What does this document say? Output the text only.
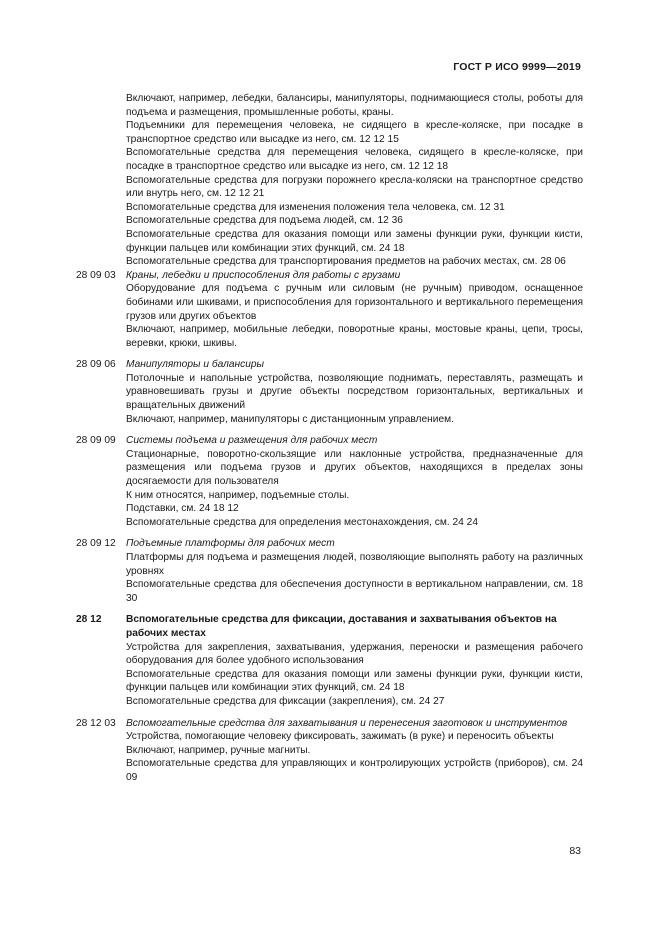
ГОСТ Р ИСО 9999—2019
Включают, например, лебедки, балансиры, манипуляторы, поднимающиеся столы, роботы для подъема и размещения, промышленные роботы, краны.
Подъемники для перемещения человека, не сидящего в кресле-коляске, при посадке в транспортное средство или высадке из него, см. 12 12 15
Вспомогательные средства для перемещения человека, сидящего в кресле-коляске, при посадке в транспортное средство или высадке из него, см. 12 12 18
Вспомогательные средства для погрузки порожнего кресла-коляски на транспортное средство или внутрь него, см. 12 12 21
Вспомогательные средства для изменения положения тела человека, см. 12 31
Вспомогательные средства для подъема людей, см. 12 36
Вспомогательные средства для оказания помощи или замены функции руки, функции кисти, функции пальцев или комбинации этих функций, см. 24 18
Вспомогательные средства для транспортирования предметов на рабочих местах, см. 28 06
28 09 03	Краны, лебедки и приспособления для работы с грузами
Оборудование для подъема с ручным или силовым (не ручным) приводом, оснащенное бобинами или шкивами, и приспособления для горизонтального и вертикального перемещения грузов или других объектов
Включают, например, мобильные лебедки, поворотные краны, мостовые краны, цепи, тросы, веревки, крюки, шкивы.
28 09 06	Манипуляторы и балансиры
Потолочные и напольные устройства, позволяющие поднимать, переставлять, размещать и уравновешивать грузы и другие объекты посредством горизонтальных, вертикальных и вращательных движений
Включают, например, манипуляторы с дистанционным управлением.
28 09 09	Системы подъема и размещения для рабочих мест
Стационарные, поворотно-скользящие или наклонные устройства, предназначенные для размещения или подъема грузов и других объектов, находящихся в пределах зоны досягаемости для пользователя
К ним относятся, например, подъемные столы.
Подставки, см. 24 18 12
Вспомогательные средства для определения местонахождения, см. 24 24
28 09 12	Подъемные платформы для рабочих мест
Платформы для подъема и размещения людей, позволяющие выполнять работу на различных уровнях
Вспомогательные средства для обеспечения доступности в вертикальном направлении, см. 18 30
28 12	Вспомогательные средства для фиксации, доставания и захватывания объектов на рабочих местах
Устройства для закрепления, захватывания, удержания, переноски и размещения рабочего оборудования для более удобного использования
Вспомогательные средства для оказания помощи или замены функции руки, функции кисти, функции пальцев или комбинации этих функций, см. 24 18
Вспомогательные средства для фиксации (закрепления), см. 24 27
28 12 03	Вспомогательные средства для захватывания и перенесения заготовок и инструментов
Устройства, помогающие человеку фиксировать, зажимать (в руке) и переносить объекты
Включают, например, ручные магниты.
Вспомогательные средства для управляющих и контролирующих устройств (приборов), см. 24 09
83
